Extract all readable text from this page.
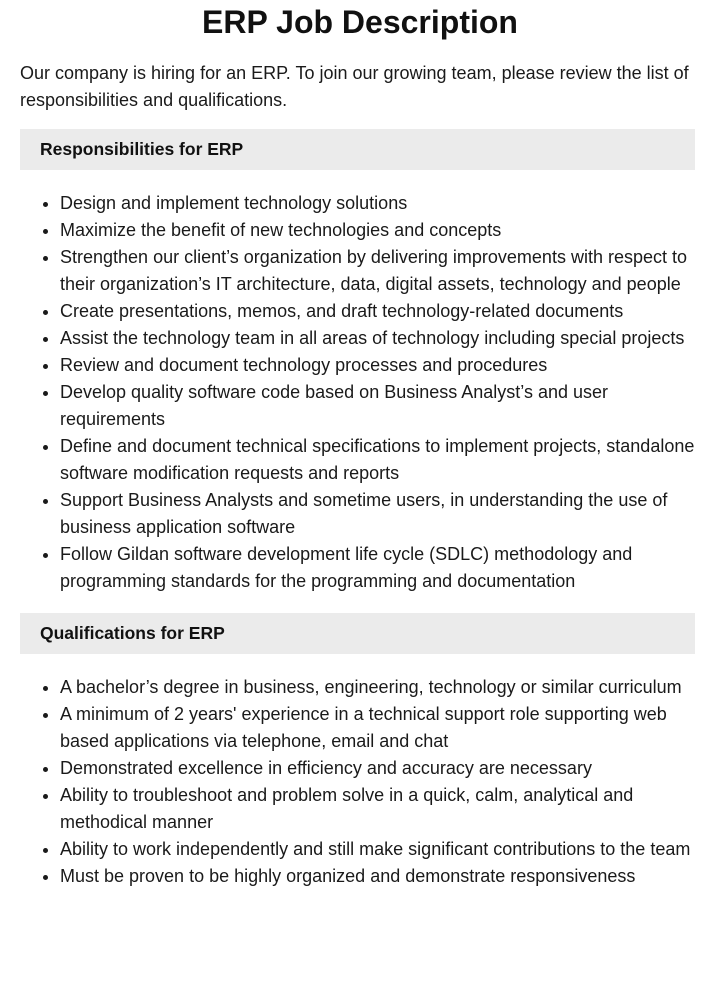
ERP Job Description

Our company is hiring for an ERP. To join our growing team, please review the list of responsibilities and qualifications.

Responsibilities for ERP
• Design and implement technology solutions
• Maximize the benefit of new technologies and concepts
• Strengthen our client’s organization by delivering improvements with respect to their organization’s IT architecture, data, digital assets, technology and people
• Create presentations, memos, and draft technology-related documents
• Assist the technology team in all areas of technology including special projects
• Review and document technology processes and procedures
• Develop quality software code based on Business Analyst’s and user requirements
• Define and document technical specifications to implement projects, standalone software modification requests and reports
• Support Business Analysts and sometime users, in understanding the use of business application software
• Follow Gildan software development life cycle (SDLC) methodology and programming standards for the programming and documentation
Qualifications for ERP
• A bachelor’s degree in business, engineering, technology or similar curriculum
• A minimum of 2 years' experience in a technical support role supporting web based applications via telephone, email and chat
• Demonstrated excellence in efficiency and accuracy are necessary
• Ability to troubleshoot and problem solve in a quick, calm, analytical and methodical manner
• Ability to work independently and still make significant contributions to the team
• Must be proven to be highly organized and demonstrate responsiveness
